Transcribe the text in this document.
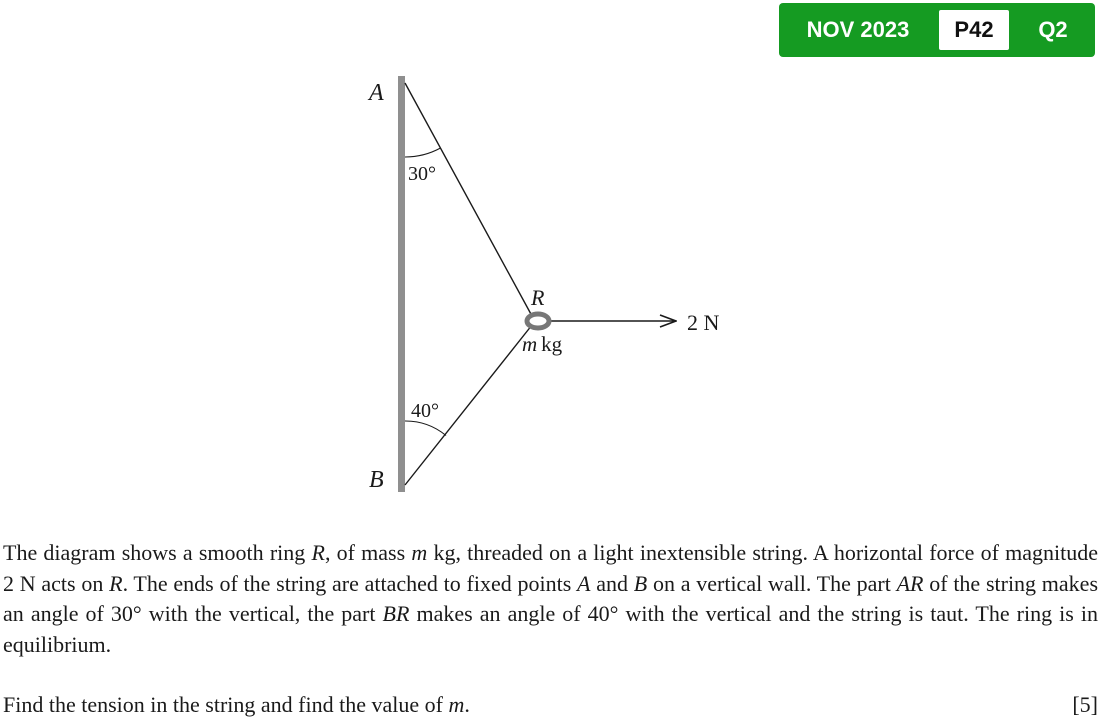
NOV 2023	P42	Q2
A
B
30°
40°
R
m kg
2 N

The diagram shows a smooth ring R, of mass m kg, threaded on a light inextensible string. A horizontal force of magnitude 2 N acts on R. The ends of the string are attached to fixed points A and B on a vertical wall. The part AR of the string makes an angle of 30° with the vertical, the part BR makes an angle of 40° with the vertical and the string is taut. The ring is in equilibrium.

Find the tension in the string and find the value of m.	[5]
